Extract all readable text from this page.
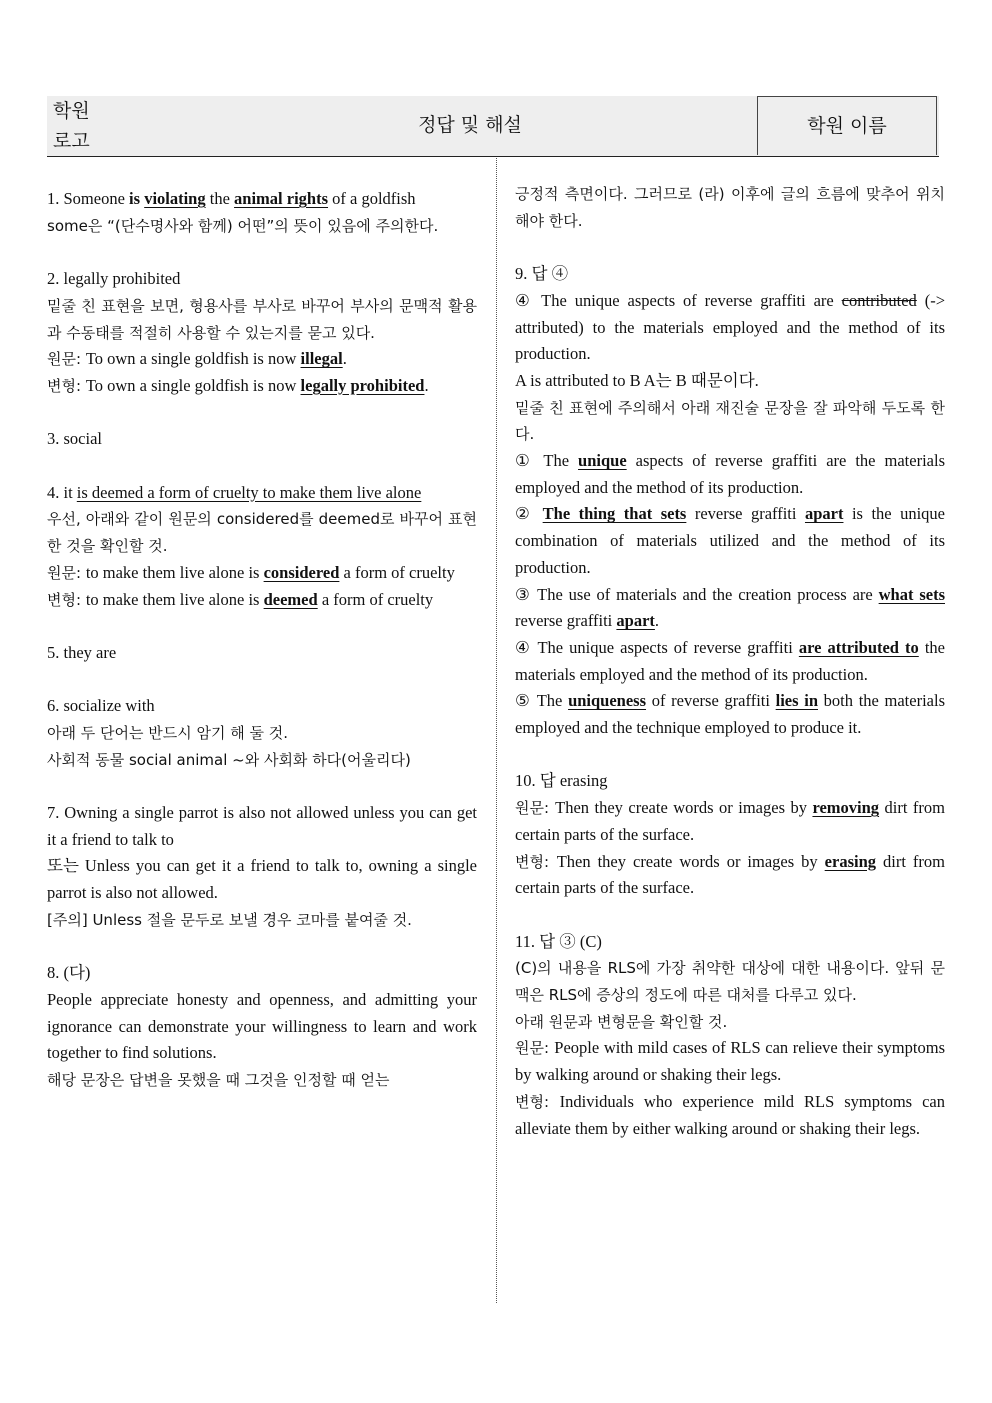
정답 및 해설
학원
로고
학원 이름
1. Someone is violating the animal rights of a goldfish
some은 “(단수명사와 함께) 어떤”의 뜻이 있음에 주의한다.
2. legally prohibited
밑줄 친 표현을 보면, 형용사를 부사로 바꾸어 부사의 문맥적 활용과 수동태를 적절히 사용할 수 있는지를 묻고 있다.
원문: To own a single goldfish is now illegal.
변형: To own a single goldfish is now legally prohibited.
3. social
4. it is deemed a form of cruelty to make them live alone
우선, 아래와 같이 원문의 considered를 deemed로 바꾸어 표현한 것을 확인할 것.
원문: to make them live alone is considered a form of cruelty
변형: to make them live alone is deemed a form of cruelty
5. they are
6. socialize with
아래 두 단어는 반드시 암기 해 둘 것.
사회적 동물 social animal ~와 사회화 하다(어울리다)
7. Owning a single parrot is also not allowed unless you can get it a friend to talk to
또는 Unless you can get it a friend to talk to, owning a single parrot is also not allowed.
[주의] Unless 절을 문두로 보낼 경우 코마를 붙여줄 것.
8. (다)
People appreciate honesty and openness, and admitting your ignorance can demonstrate your willingness to learn and work together to find solutions.
해당 문장은 답변을 못했을 때 그것을 인정할 때 얻는
긍정적 측면이다. 그러므로 (라) 이후에 글의 흐름에 맞추어 위치해야 한다.
9. 답 ④
④ The unique aspects of reverse graffiti are contributed (-> attributed) to the materials employed and the method of its production.
A is attributed to B A는 B 때문이다.
밑줄 친 표현에 주의해서 아래 재진술 문장을 잘 파악해 두도록 한다.
① The unique aspects of reverse graffiti are the materials employed and the method of its production.
② The thing that sets reverse graffiti apart is the unique combination of materials utilized and the method of its production.
③ The use of materials and the creation process are what sets reverse graffiti apart.
④ The unique aspects of reverse graffiti are attributed to the materials employed and the method of its production.
⑤ The uniqueness of reverse graffiti lies in both the materials employed and the technique employed to produce it.
10. 답 erasing
원문: Then they create words or images by removing dirt from certain parts of the surface.
변형: Then they create words or images by erasing dirt from certain parts of the surface.
11. 답 ③ (C)
(C)의 내용을 RLS에 가장 취약한 대상에 대한 내용이다. 앞뒤 문맥은 RLS에 증상의 정도에 따른 대처를 다루고 있다.
아래 원문과 변형문을 확인할 것.
원문: People with mild cases of RLS can relieve their symptoms by walking around or shaking their legs.
변형: Individuals who experience mild RLS symptoms can alleviate them by either walking around or shaking their legs.
